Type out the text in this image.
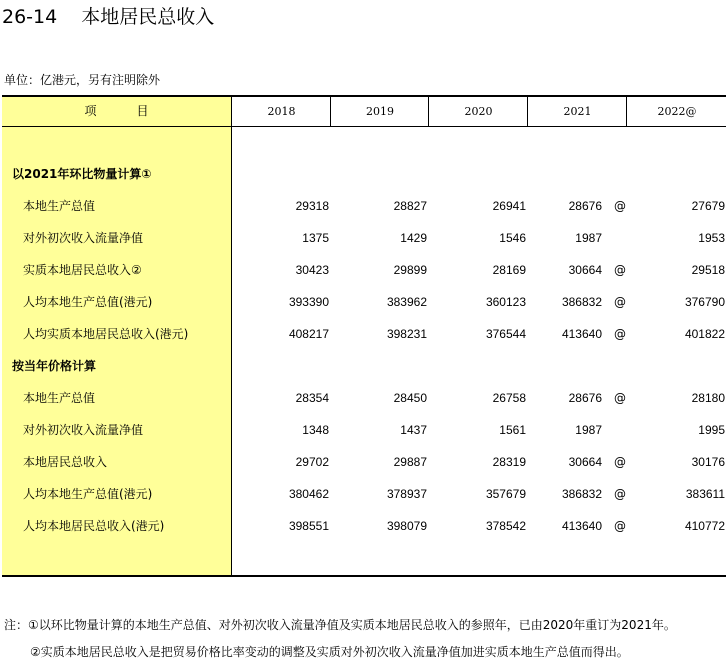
26-14 本地居民总收入
单位：亿港元，另有注明除外
项　目	2018	2019	2020	2021	2022@
以2021年环比物量计算①
本地生产总值	29318	28827	26941	28676 @	27679
对外初次收入流量净值	1375	1429	1546	1987	1953
实质本地居民总收入②	30423	29899	28169	30664 @	29518
人均本地生产总值(港元)	393390	383962	360123	386832 @	376790
人均实质本地居民总收入(港元)	408217	398231	376544	413640 @	401822
按当年价格计算
本地生产总值	28354	28450	26758	28676 @	28180
对外初次收入流量净值	1348	1437	1561	1987	1995
本地居民总收入	29702	29887	28319	30664 @	30176
人均本地生产总值(港元)	380462	378937	357679	386832 @	383611
人均本地居民总收入(港元)	398551	398079	378542	413640 @	410772
注：①以环比物量计算的本地生产总值、对外初次收入流量净值及实质本地居民总收入的参照年，已由2020年重订为2021年。
②实质本地居民总收入是把贸易价格比率变动的调整及实质对外初次收入流量净值加进实质本地生产总值而得出。
